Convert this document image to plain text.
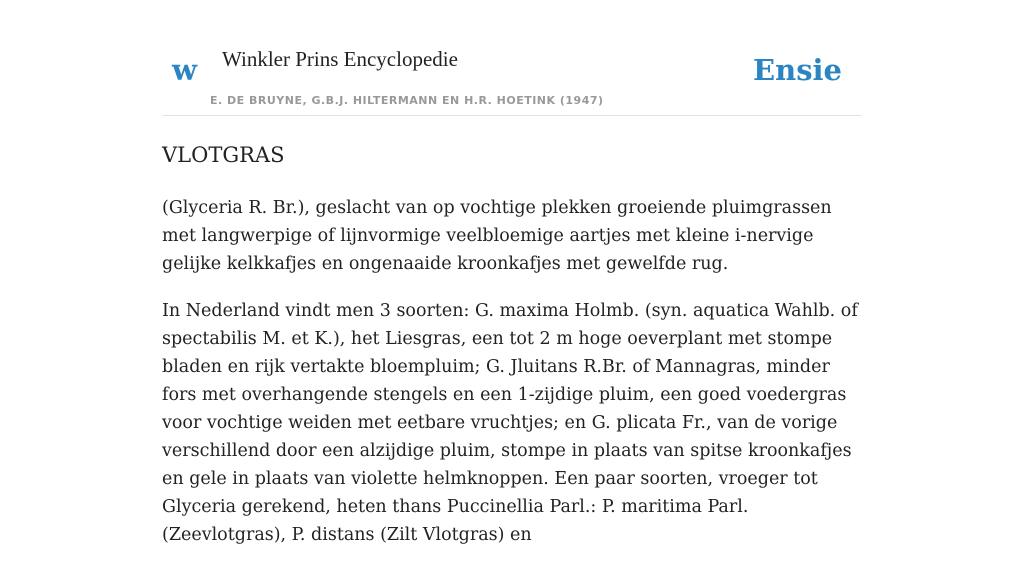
w Winkler Prins Encyclopedie
E. DE BRUYNE, G.B.J. HILTERMANN EN H.R. HOETINK (1947)
Ensie
VLOTGRAS

(Glyceria R. Br.), geslacht van op vochtige plekken groeiende pluimgrassen met langwerpige of lijnvormige veelbloemige aartjes met kleine i-nervige gelijke kelkkafjes en ongenaaide kroonkafjes met gewelfde rug.

In Nederland vindt men 3 soorten: G. maxima Holmb. (syn. aquatica Wahlb. of spectabilis M. et K.), het Liesgras, een tot 2 m hoge oeverplant met stompe bladen en rijk vertakte bloempluim; G. Jluitans R.Br. of Mannagras, minder fors met overhangende stengels en een 1-zijdige pluim, een goed voedergras voor vochtige weiden met eetbare vruchtjes; en G. plicata Fr., van de vorige verschillend door een alzijdige pluim, stompe in plaats van spitse kroonkafjes en gele in plaats van violette helmknoppen. Een paar soorten, vroeger tot Glyceria gerekend, heten thans Puccinellia Parl.: P. maritima Parl. (Zeevlotgras), P. distans (Zilt Vlotgras) en
